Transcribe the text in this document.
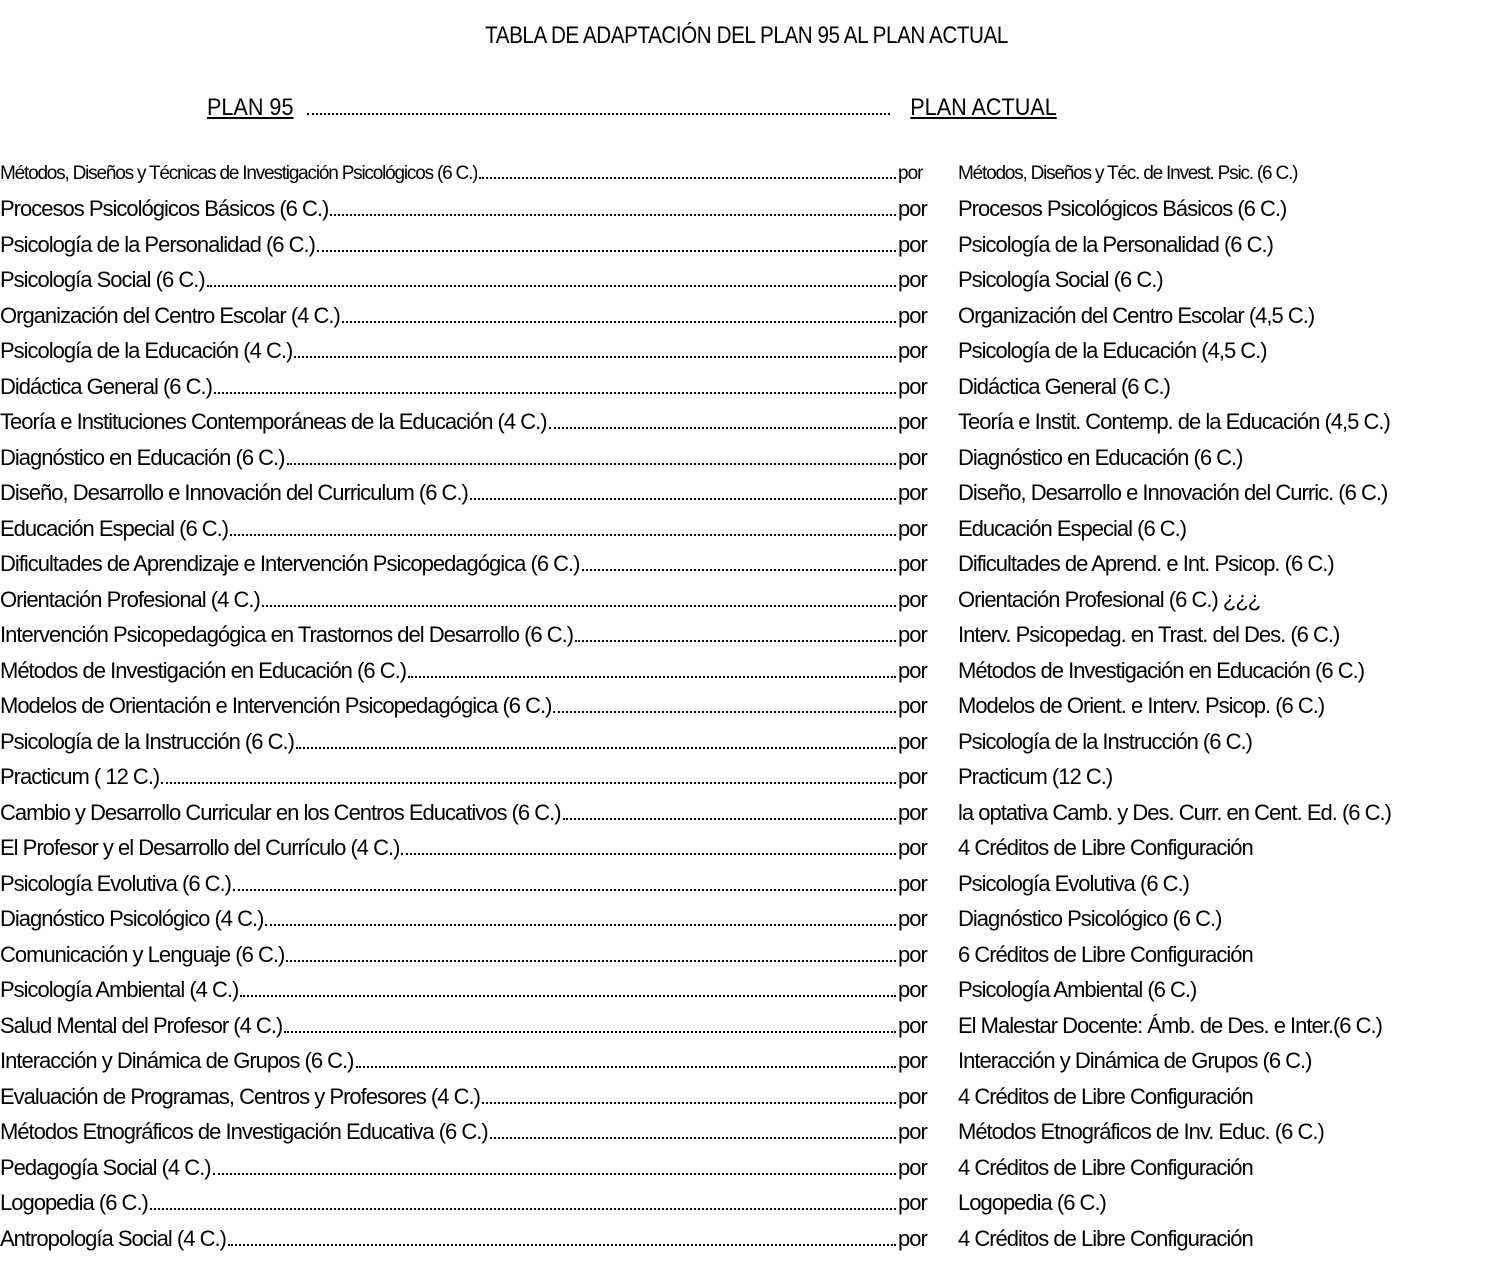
TABLA DE ADAPTACIÓN DEL PLAN 95 AL PLAN ACTUAL
PLAN 95	PLAN ACTUAL
Métodos, Diseños y Técnicas de Investigación Psicológicos (6 C.)	por	Métodos, Diseños y Téc. de Invest. Psic. (6 C.)
Procesos Psicológicos Básicos (6 C.)	por	Procesos Psicológicos Básicos (6 C.)
Psicología de la Personalidad (6 C.)	por	Psicología de la Personalidad (6 C.)
Psicología Social (6 C.)	por	Psicología Social (6 C.)
Organización del Centro Escolar (4 C.)	por	Organización del Centro Escolar (4,5 C.)
Psicología de la Educación (4 C.)	por	Psicología de la Educación (4,5 C.)
Didáctica General (6 C.)	por	Didáctica General (6 C.)
Teoría e Instituciones Contemporáneas de la Educación (4 C.)	por	Teoría e Instit. Contemp. de la Educación (4,5 C.)
Diagnóstico en Educación (6 C.)	por	Diagnóstico en Educación (6 C.)
Diseño, Desarrollo e Innovación del Curriculum (6 C.)	por	Diseño, Desarrollo e Innovación del Curric. (6 C.)
Educación Especial (6 C.)	por	Educación Especial (6 C.)
Dificultades de Aprendizaje e Intervención Psicopedagógica (6 C.)	por	Dificultades de Aprend. e Int. Psicop. (6 C.)
Orientación Profesional (4 C.)	por	Orientación Profesional (6 C.) ¿¿¿
Intervención Psicopedagógica en Trastornos del Desarrollo (6 C.)	por	Interv. Psicopedag. en Trast. del Des. (6 C.)
Métodos de Investigación en Educación (6 C.)	por	Métodos de Investigación en Educación (6 C.)
Modelos de Orientación e Intervención Psicopedagógica (6 C.)	por	Modelos de Orient. e Interv. Psicop. (6 C.)
Psicología de la Instrucción (6 C.)	por	Psicología de la Instrucción (6 C.)
Practicum ( 12 C.)	por	Practicum (12 C.)
Cambio y Desarrollo Curricular en los Centros Educativos (6 C.)	por	la optativa Camb. y Des. Curr. en Cent. Ed. (6 C.)
El Profesor y el Desarrollo del Currículo (4 C.)	por	4 Créditos de Libre Configuración
Psicología Evolutiva (6 C.)	por	Psicología Evolutiva (6 C.)
Diagnóstico Psicológico (4 C.)	por	Diagnóstico Psicológico (6 C.)
Comunicación y Lenguaje (6 C.)	por	6 Créditos de Libre Configuración
Psicología Ambiental (4 C.)	por	Psicología Ambiental (6 C.)
Salud Mental del Profesor (4 C.)	por	El Malestar Docente: Ámb. de Des. e Inter.(6 C.)
Interacción y Dinámica de Grupos (6 C.)	por	Interacción y Dinámica de Grupos (6 C.)
Evaluación de Programas, Centros y Profesores (4 C.)	por	4 Créditos de Libre Configuración
Métodos Etnográficos de Investigación Educativa (6 C.)	por	Métodos Etnográficos de Inv. Educ. (6 C.)
Pedagogía Social (4 C.)	por	4 Créditos de Libre Configuración
Logopedia (6 C.)	por	Logopedia (6 C.)
Antropología Social (4 C.)	por	4 Créditos de Libre Configuración
